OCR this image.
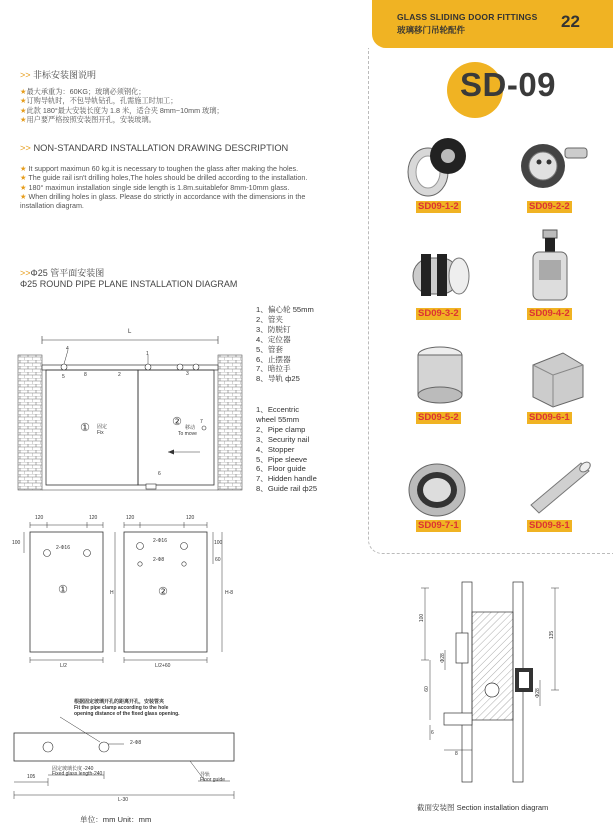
GLASS SLIDING DOOR FITTINGS
玻璃移门吊轮配件	22
SD-09
>> 非标安装图说明
★最大承重为：60KG；玻璃必须钢化；
★订购导轨时，不包导轨钻孔，孔需施工时加工；
★此款 180°最大安装长度为 1.8 米，适合夹 8mm~10mm 玻璃；
★用户要严格按照安装图开孔，安装玻璃。
>> NON-STANDARD INSTALLATION DRAWING DESCRIPTION
★ It support maximun 60 kg.it is necessary to toughen the glass after making the holes.
★ The guide rail isn't drilling holes,The holes should be drilled according to the installation.
★ 180° maximun installation single side length is 1.8m.suitablefor 8mm-10mm glass.
★ When drilling holes in glass. Please do strictly in accordance with the dimensions in the installation diagram.
>>Φ25 管平面安装图
Φ25 ROUND PIPE PLANE INSTALLATION DIAGRAM
1、偏心轮 55mm
2、管夹
3、防脱钉
4、定位器
5、管套
6、止摆器
7、暗拉手
8、导轨 ф25
1、Eccentric
wheel 55mm
2、Pipe clamp
3、Security nail
4、Stopper
5、Pipe sleeve
6、Floor guide
7、Hidden handle
8、Guide rail ф25
L
4
1
5	8	2	3
7
6
① 固定
Fix
② 移动
To move
120	120
100
2-Φ16
①
L/2
120	120
2-Φ16
2-Φ8
100
60
H	H-8
②
L/2+60
根据固定玻璃开孔的距离开孔，安装管夹
Fit the pipe clamp according to the hole
opening distance of the fixed glass opening.
2-Φ8
固定玻璃长度 -240
Fixed glass length-240
105	导轨
Floor guide
L-30
单位：mm Unit：mm
SD09-1-2	SD09-2-2
SD09-3-2	SD09-4-2
SD09-5-2	SD09-6-1
SD09-7-1	SD09-8-1
100
135
Φ28
60	Φ28
6
8
截面安装图 Section installation diagram
